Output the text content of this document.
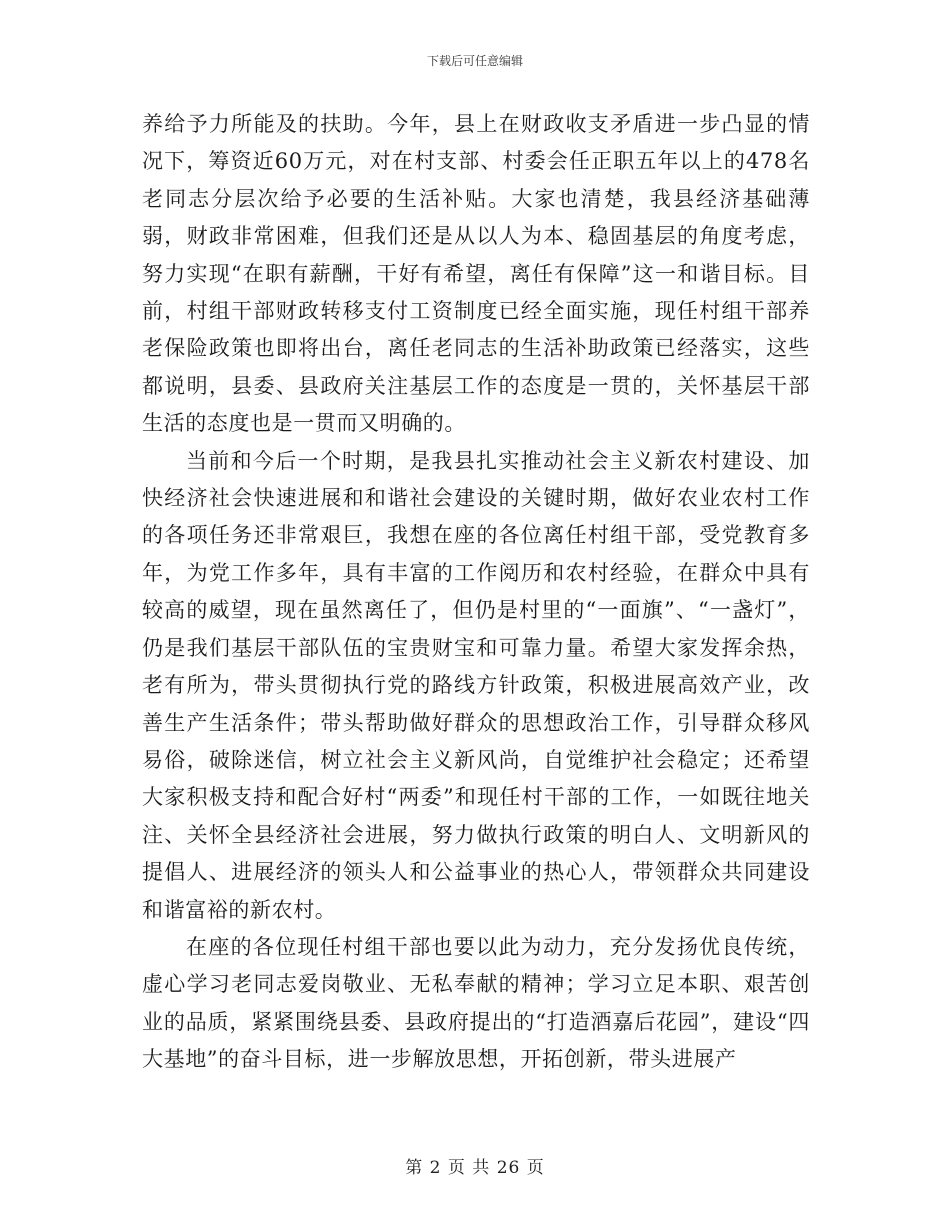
下载后可任意编辑

养给予力所能及的扶助。今年，县上在财政收支矛盾进一步凸显的情况下，筹资近60万元，对在村支部、村委会任正职五年以上的478名老同志分层次给予必要的生活补贴。大家也清楚，我县经济基础薄弱，财政非常困难，但我们还是从以人为本、稳固基层的角度考虑，努力实现“在职有薪酬，干好有希望，离任有保障”这一和谐目标。目前，村组干部财政转移支付工资制度已经全面实施，现任村组干部养老保险政策也即将出台，离任老同志的生活补助政策已经落实，这些都说明，县委、县政府关注基层工作的态度是一贯的，关怀基层干部生活的态度也是一贯而又明确的。

当前和今后一个时期，是我县扎实推动社会主义新农村建设、加快经济社会快速进展和和谐社会建设的关键时期，做好农业农村工作的各项任务还非常艰巨，我想在座的各位离任村组干部，受党教育多年，为党工作多年，具有丰富的工作阅历和农村经验，在群众中具有较高的威望，现在虽然离任了，但仍是村里的“一面旗”、“一盏灯”，仍是我们基层干部队伍的宝贵财宝和可靠力量。希望大家发挥余热，老有所为，带头贯彻执行党的路线方针政策，积极进展高效产业，改善生产生活条件；带头帮助做好群众的思想政治工作，引导群众移风易俗，破除迷信，树立社会主义新风尚，自觉维护社会稳定；还希望大家积极支持和配合好村“两委”和现任村干部的工作，一如既往地关注、关怀全县经济社会进展，努力做执行政策的明白人、文明新风的提倡人、进展经济的领头人和公益事业的热心人，带领群众共同建设和谐富裕的新农村。

在座的各位现任村组干部也要以此为动力，充分发扬优良传统，虚心学习老同志爱岗敬业、无私奉献的精神；学习立足本职、艰苦创业的品质，紧紧围绕县委、县政府提出的“打造酒嘉后花园”，建设“四大基地”的奋斗目标，进一步解放思想，开拓创新，带头进展产

第 2 页 共 26 页
